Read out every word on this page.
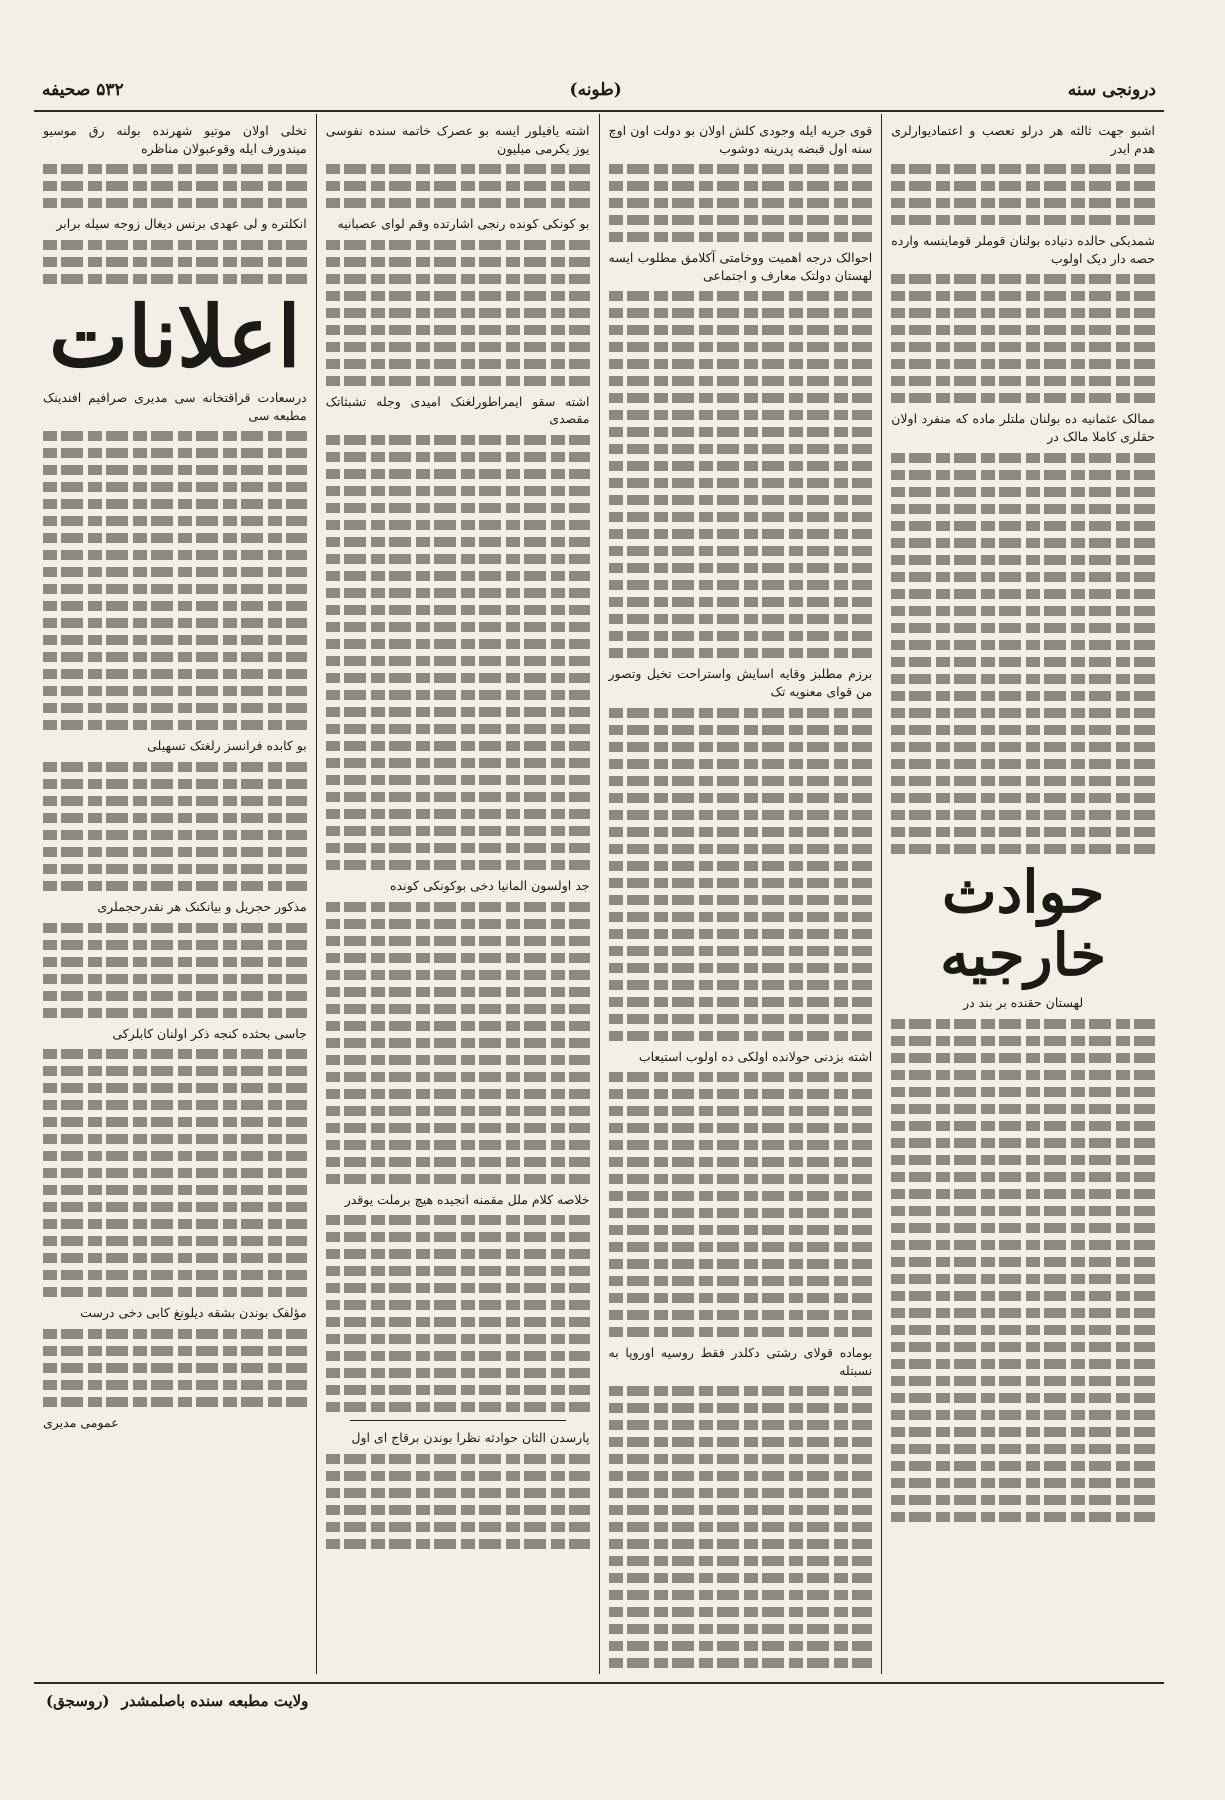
درونجی سنه
(طونه)
۵۳۲ صحیفه

اشبو جهت ثالثه هر درلو تعصب و اعتمادیوارلری هدم ایدر

شمدیکی حالده دنیاده بولنان قوملر قوماینسه وارده حصه دار دیک اولوب

ممالک عثمانیه ده بولنان ملتلر ماده که منفرد اولان حقلری کاملا مالک در

حوادث خارجیه

لهستان حقنده بر بند در

قوی جریه ایله وجودی کلش اولان بو دولت اون اوچ سنه اول قبضه پدرینه دوشوب

احوالک درجه اهمیت ووخامتی آکلامق مطلوب ایسه لهستان دولتک معارف و اجتماعی

برزم مطلبز وقایه اسایش واستراحت تخیل وتصور من قوای معنویه تک

اشته بزدنی حولانده اولکی ده اولوب استیعاب

بوماده قولای رشتی دکلدر فقط روسیه اوروپا به نسبتله

اشته یافیلور ایسه بو عصرک خاتمه سنده نفوسی یوز یکرمی میلیون

بو کونکی کونده رنجی اشارتده وقم لوای عصبانیه

اشته سقو ایمراطورلغنک امیدی وجله تشبثاتک مقصدی

جد اولسون المانیا دخی بوکونکی کونده

خلاصه کلام ملل مقمنه انجیده هیچ برملت یوقدر

پارسدن الثان حوادثه نظرا بوندن برقاج ای اول

تخلی اولان موتیو شهرنده بولنه رق موسیو میندورف ایله وقوعبولان مناظره

انکلتره و لی عهدی برنس دیغال زوجه سیله برابر

اعلانات

درسعادت قراقتخانه سی مدیری صرافیم افندینک مطبعه سی

بو کابده فرانسز رلغتک تسهیلی

مذکور حجریل و بیانکنک هر نقدرحجملری

جاسی بحثده کنجه ذکر اولنان کابلرکی

مؤلفک بوندن بشقه دیلونغ کابی دخی درست

عمومی مدیری

(روسجق) ولایت مطبعه سنده باصلمشدر
